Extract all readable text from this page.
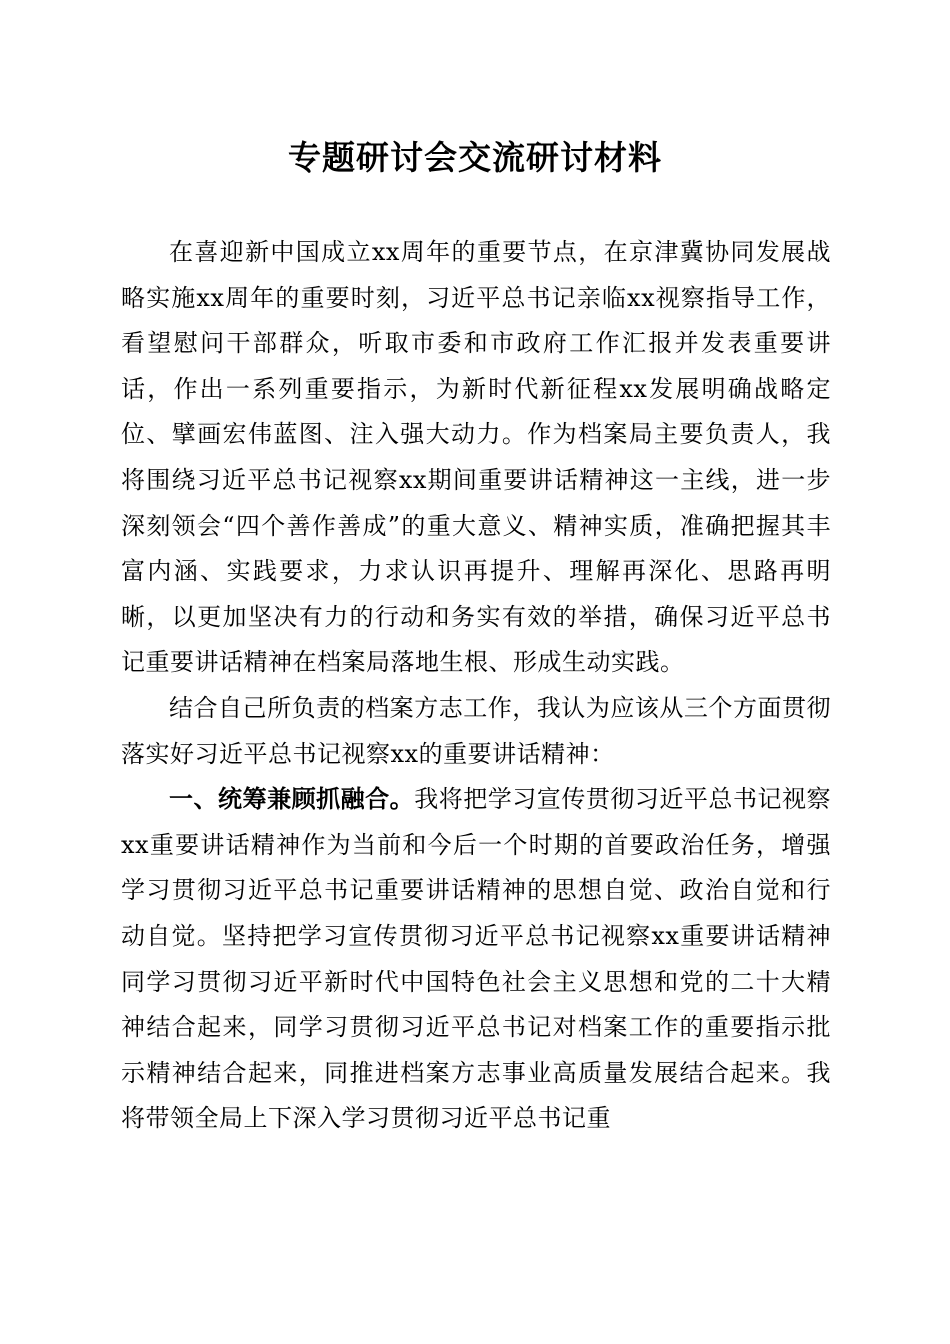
专题研讨会交流研讨材料

在喜迎新中国成立xx周年的重要节点，在京津冀协同发展战略实施xx周年的重要时刻，习近平总书记亲临xx视察指导工作，看望慰问干部群众，听取市委和市政府工作汇报并发表重要讲话，作出一系列重要指示，为新时代新征程xx发展明确战略定位、擘画宏伟蓝图、注入强大动力。作为档案局主要负责人，我将围绕习近平总书记视察xx期间重要讲话精神这一主线，进一步深刻领会“四个善作善成”的重大意义、精神实质，准确把握其丰富内涵、实践要求，力求认识再提升、理解再深化、思路再明晰，以更加坚决有力的行动和务实有效的举措，确保习近平总书记重要讲话精神在档案局落地生根、形成生动实践。

结合自己所负责的档案方志工作，我认为应该从三个方面贯彻落实好习近平总书记视察xx的重要讲话精神：

一、统筹兼顾抓融合。我将把学习宣传贯彻习近平总书记视察xx重要讲话精神作为当前和今后一个时期的首要政治任务，增强学习贯彻习近平总书记重要讲话精神的思想自觉、政治自觉和行动自觉。坚持把学习宣传贯彻习近平总书记视察xx重要讲话精神同学习贯彻习近平新时代中国特色社会主义思想和党的二十大精神结合起来，同学习贯彻习近平总书记对档案工作的重要指示批示精神结合起来，同推进档案方志事业高质量发展结合起来。我将带领全局上下深入学习贯彻习近平总书记重
